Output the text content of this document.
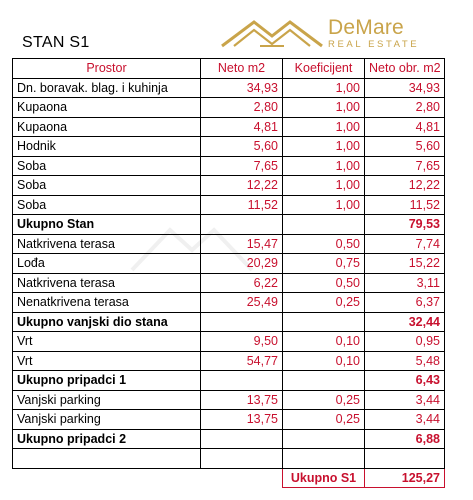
STAN S1
DeMare
REAL ESTATE
Prostor	Neto m2	Koeficijent	Neto obr. m2
Dn. boravak. blag. i kuhinja	34,93	1,00	34,93
Kupaona	2,80	1,00	2,80
Kupaona	4,81	1,00	4,81
Hodnik	5,60	1,00	5,60
Soba	7,65	1,00	7,65
Soba	12,22	1,00	12,22
Soba	11,52	1,00	11,52
Ukupno Stan			79,53
Natkrivena terasa	15,47	0,50	7,74
Lođa	20,29	0,75	15,22
Natkrivena terasa	6,22	0,50	3,11
Nenatkrivena terasa	25,49	0,25	6,37
Ukupno vanjski dio stana			32,44
Vrt	9,50	0,10	0,95
Vrt	54,77	0,10	5,48
Ukupno pripadci 1			6,43
Vanjski parking	13,75	0,25	3,44
Vanjski parking	13,75	0,25	3,44
Ukupno pripadci 2			6,88

		Ukupno S1	125,27
